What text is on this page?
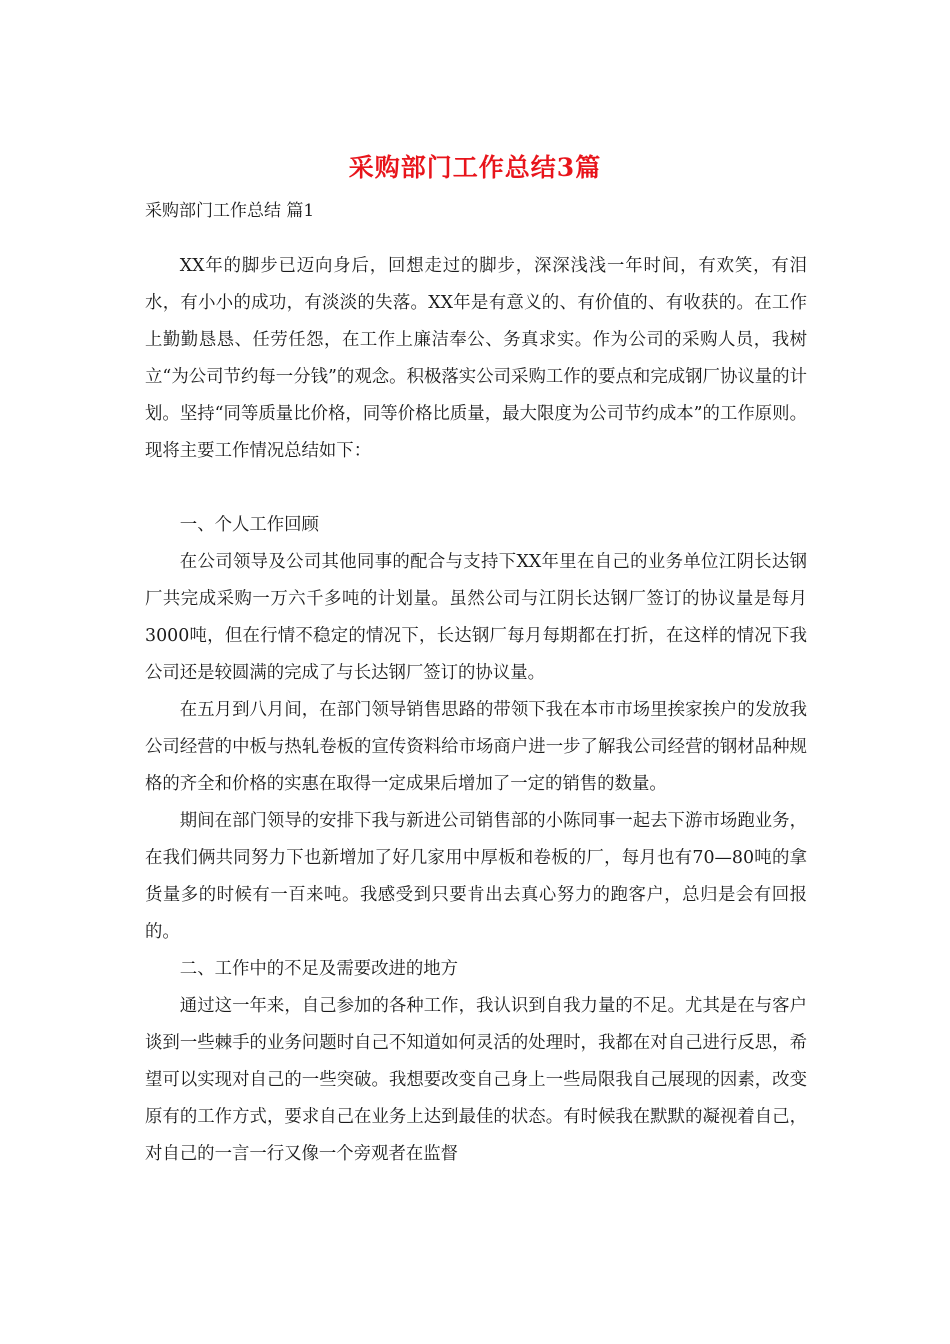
采购部门工作总结3篇
采购部门工作总结 篇1

XX年的脚步已迈向身后，回想走过的脚步，深深浅浅一年时间，有欢笑，有泪水，有小小的成功，有淡淡的失落。XX年是有意义的、有价值的、有收获的。在工作上勤勤恳恳、任劳任怨，在工作上廉洁奉公、务真求实。作为公司的采购人员，我树立“为公司节约每一分钱”的观念。积极落实公司采购工作的要点和完成钢厂协议量的计划。坚持“同等质量比价格，同等价格比质量，最大限度为公司节约成本”的工作原则。现将主要工作情况总结如下：

一、个人工作回顾

在公司领导及公司其他同事的配合与支持下XX年里在自己的业务单位江阴长达钢厂共完成采购一万六千多吨的计划量。虽然公司与江阴长达钢厂签订的协议量是每月3000吨，但在行情不稳定的情况下，长达钢厂每月每期都在打折，在这样的情况下我公司还是较圆满的完成了与长达钢厂签订的协议量。

在五月到八月间，在部门领导销售思路的带领下我在本市市场里挨家挨户的发放我公司经营的中板与热轧卷板的宣传资料给市场商户进一步了解我公司经营的钢材品种规格的齐全和价格的实惠在取得一定成果后增加了一定的销售的数量。

期间在部门领导的安排下我与新进公司销售部的小陈同事一起去下游市场跑业务，在我们俩共同努力下也新增加了好几家用中厚板和卷板的厂，每月也有70—80吨的拿货量多的时候有一百来吨。我感受到只要肯出去真心努力的跑客户，总归是会有回报的。

二、工作中的不足及需要改进的地方

通过这一年来，自己参加的各种工作，我认识到自我力量的不足。尤其是在与客户谈到一些棘手的业务问题时自己不知道如何灵活的处理时，我都在对自己进行反思，希望可以实现对自己的一些突破。我想要改变自己身上一些局限我自己展现的因素，改变原有的工作方式，要求自己在业务上达到最佳的状态。有时候我在默默的凝视着自己，对自己的一言一行又像一个旁观者在监督
